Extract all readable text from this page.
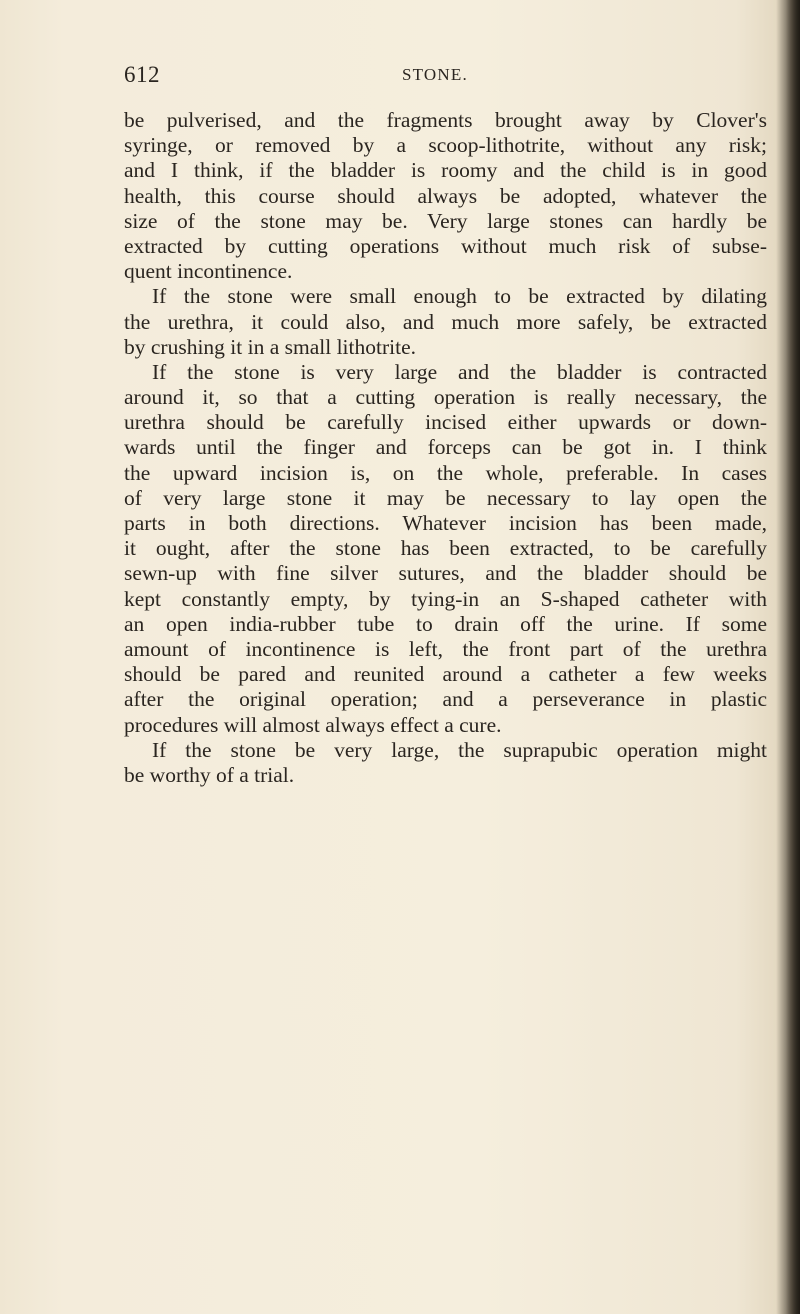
612	STONE.
be pulverised, and the fragments brought away by Clover's
syringe, or removed by a scoop-lithotrite, without any risk;
and I think, if the bladder is roomy and the child is in good
health, this course should always be adopted, whatever the
size of the stone may be. Very large stones can hardly be
extracted by cutting operations without much risk of subse-
quent incontinence.
If the stone were small enough to be extracted by dilating
the urethra, it could also, and much more safely, be extracted
by crushing it in a small lithotrite.
If the stone is very large and the bladder is contracted
around it, so that a cutting operation is really necessary, the
urethra should be carefully incised either upwards or down-
wards until the finger and forceps can be got in. I think
the upward incision is, on the whole, preferable. In cases
of very large stone it may be necessary to lay open the
parts in both directions. Whatever incision has been made,
it ought, after the stone has been extracted, to be carefully
sewn-up with fine silver sutures, and the bladder should be
kept constantly empty, by tying-in an S-shaped catheter with
an open india-rubber tube to drain off the urine. If some
amount of incontinence is left, the front part of the urethra
should be pared and reunited around a catheter a few weeks
after the original operation; and a perseverance in plastic
procedures will almost always effect a cure.
If the stone be very large, the suprapubic operation might
be worthy of a trial.
